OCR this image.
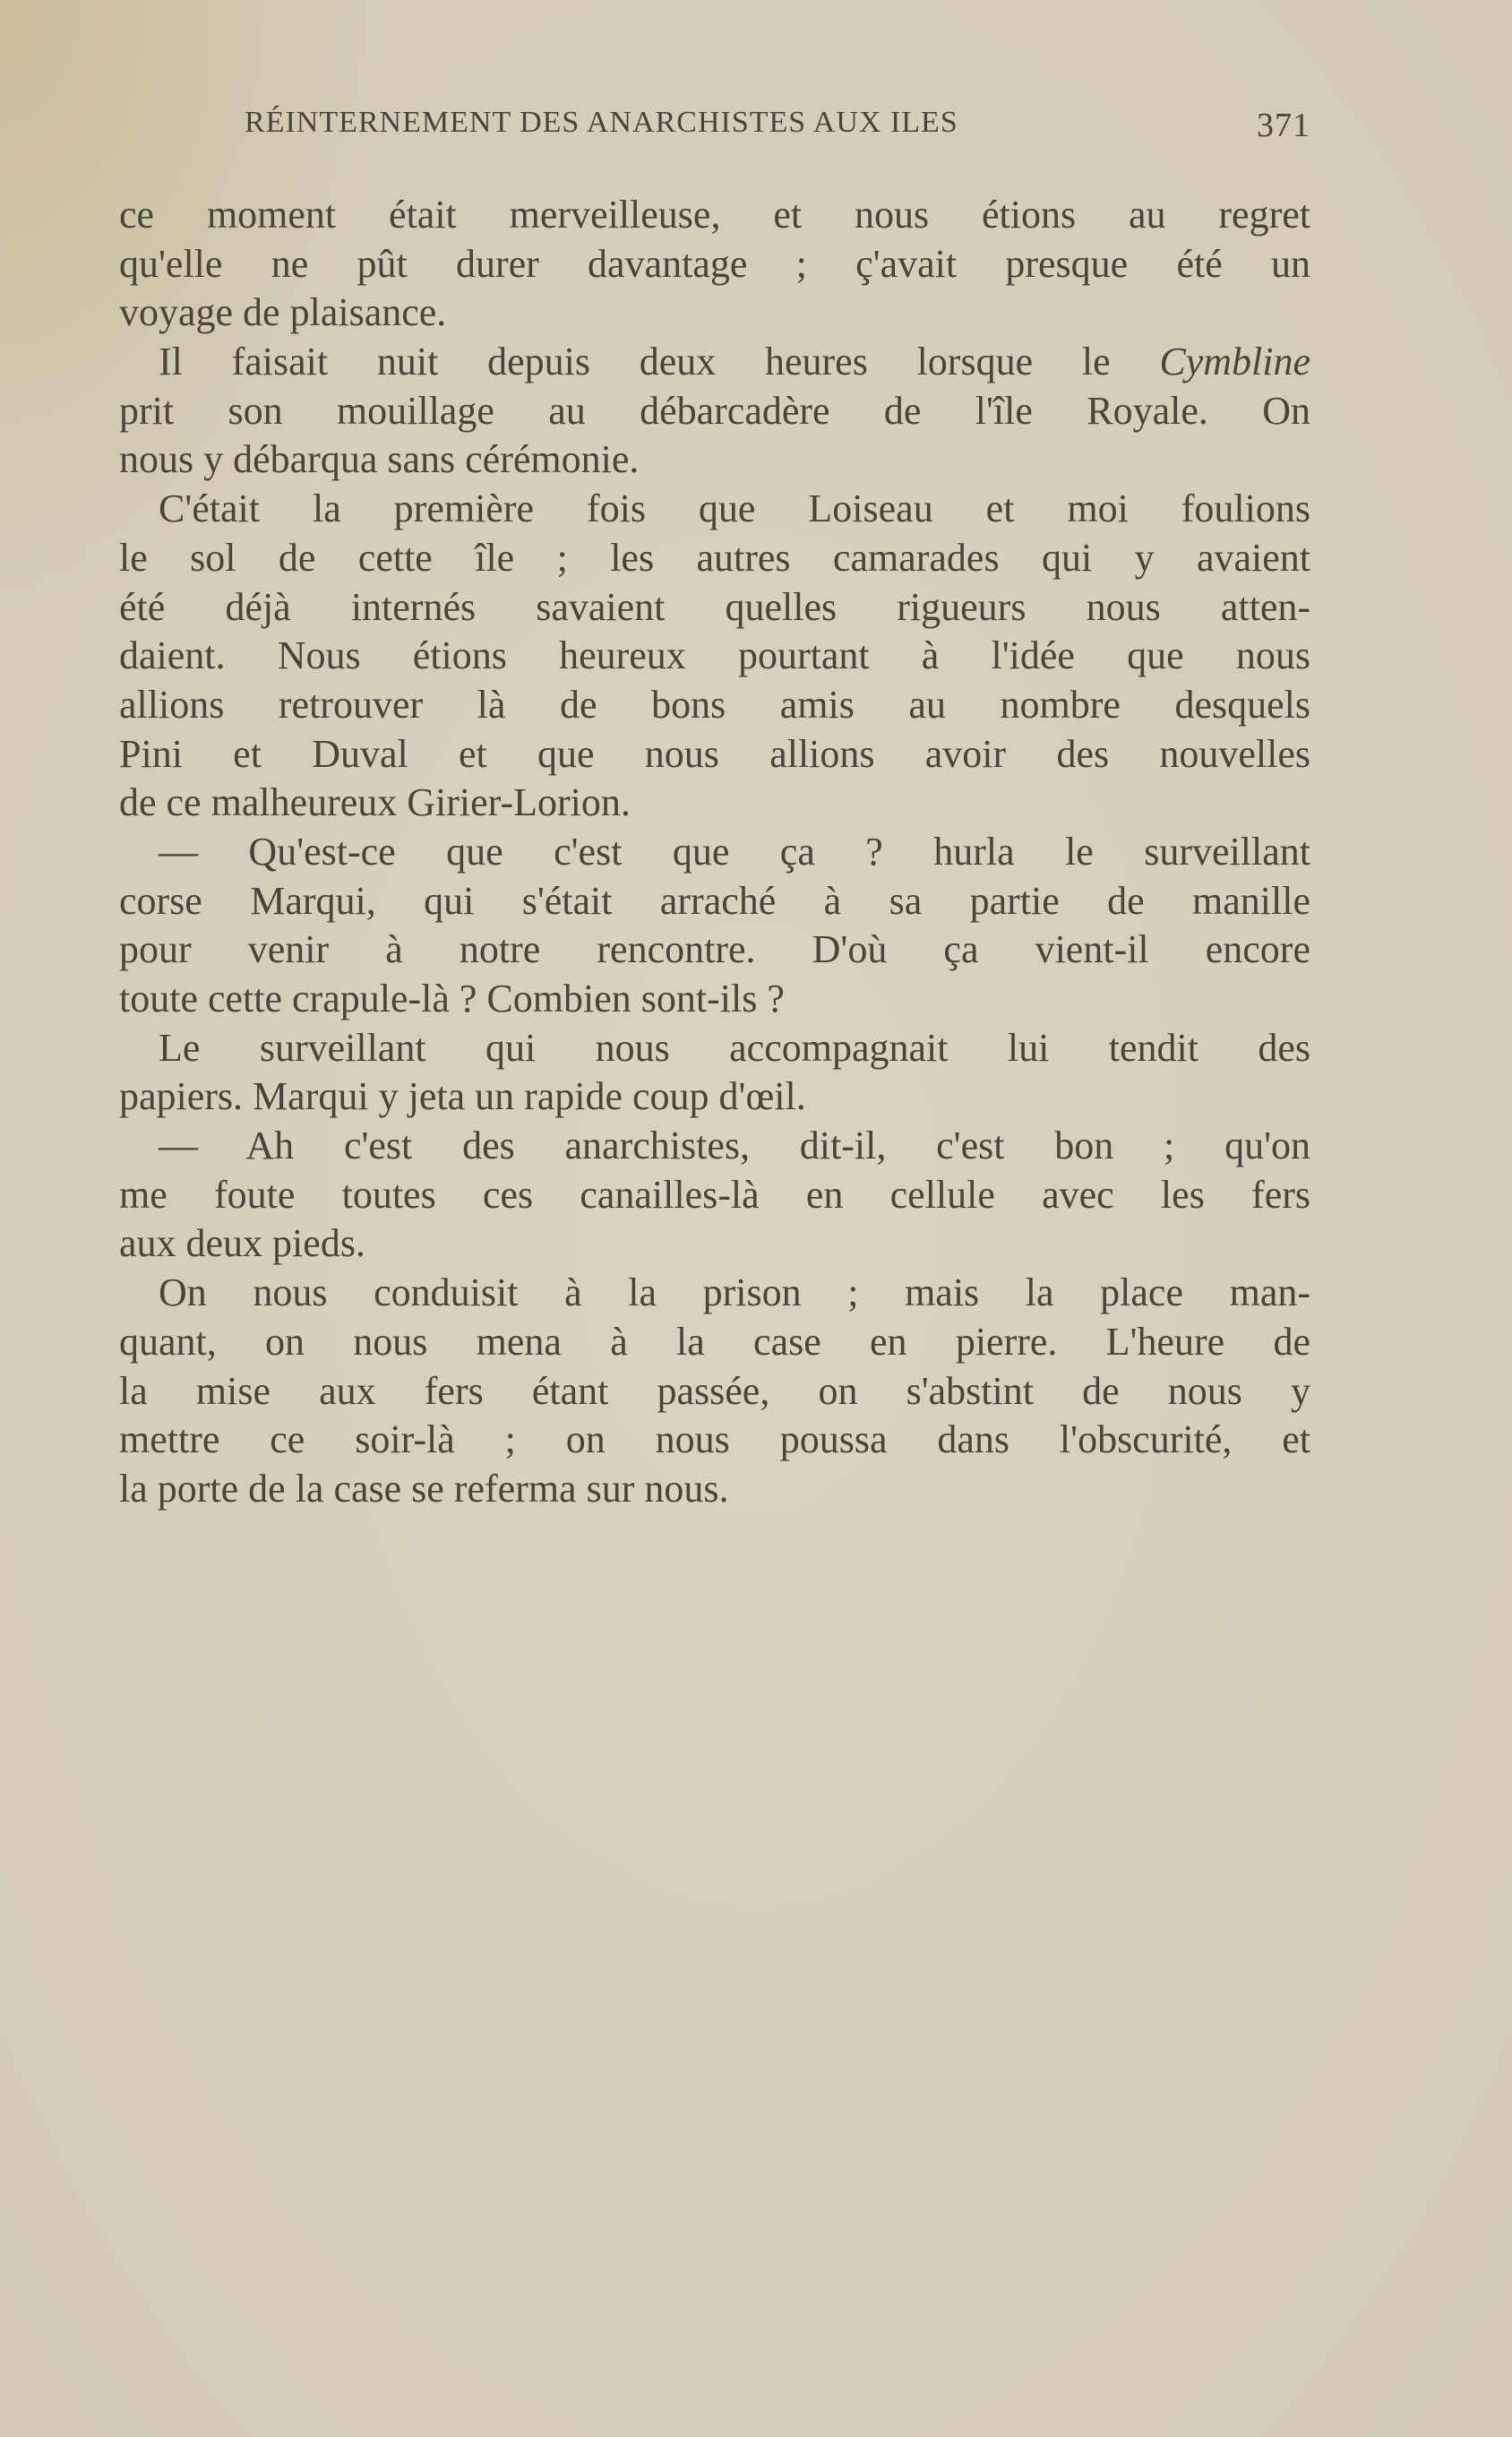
RÉINTERNEMENT DES ANARCHISTES AUX ILES	371
ce moment était merveilleuse, et nous étions au regret
qu'elle ne pût durer davantage ; ç'avait presque été un
voyage de plaisance.
Il faisait nuit depuis deux heures lorsque le Cymbline
prit son mouillage au débarcadère de l'île Royale. On
nous y débarqua sans cérémonie.
C'était la première fois que Loiseau et moi foulions
le sol de cette île ; les autres camarades qui y avaient
été déjà internés savaient quelles rigueurs nous atten-
daient. Nous étions heureux pourtant à l'idée que nous
allions retrouver là de bons amis au nombre desquels
Pini et Duval et que nous allions avoir des nouvelles
de ce malheureux Girier-Lorion.
— Qu'est-ce que c'est que ça ? hurla le surveillant
corse Marqui, qui s'était arraché à sa partie de manille
pour venir à notre rencontre. D'où ça vient-il encore
toute cette crapule-là ? Combien sont-ils ?
Le surveillant qui nous accompagnait lui tendit des
papiers. Marqui y jeta un rapide coup d'œil.
— Ah c'est des anarchistes, dit-il, c'est bon ; qu'on
me foute toutes ces canailles-là en cellule avec les fers
aux deux pieds.
On nous conduisit à la prison ; mais la place man-
quant, on nous mena à la case en pierre. L'heure de
la mise aux fers étant passée, on s'abstint de nous y
mettre ce soir-là ; on nous poussa dans l'obscurité, et
la porte de la case se referma sur nous.
